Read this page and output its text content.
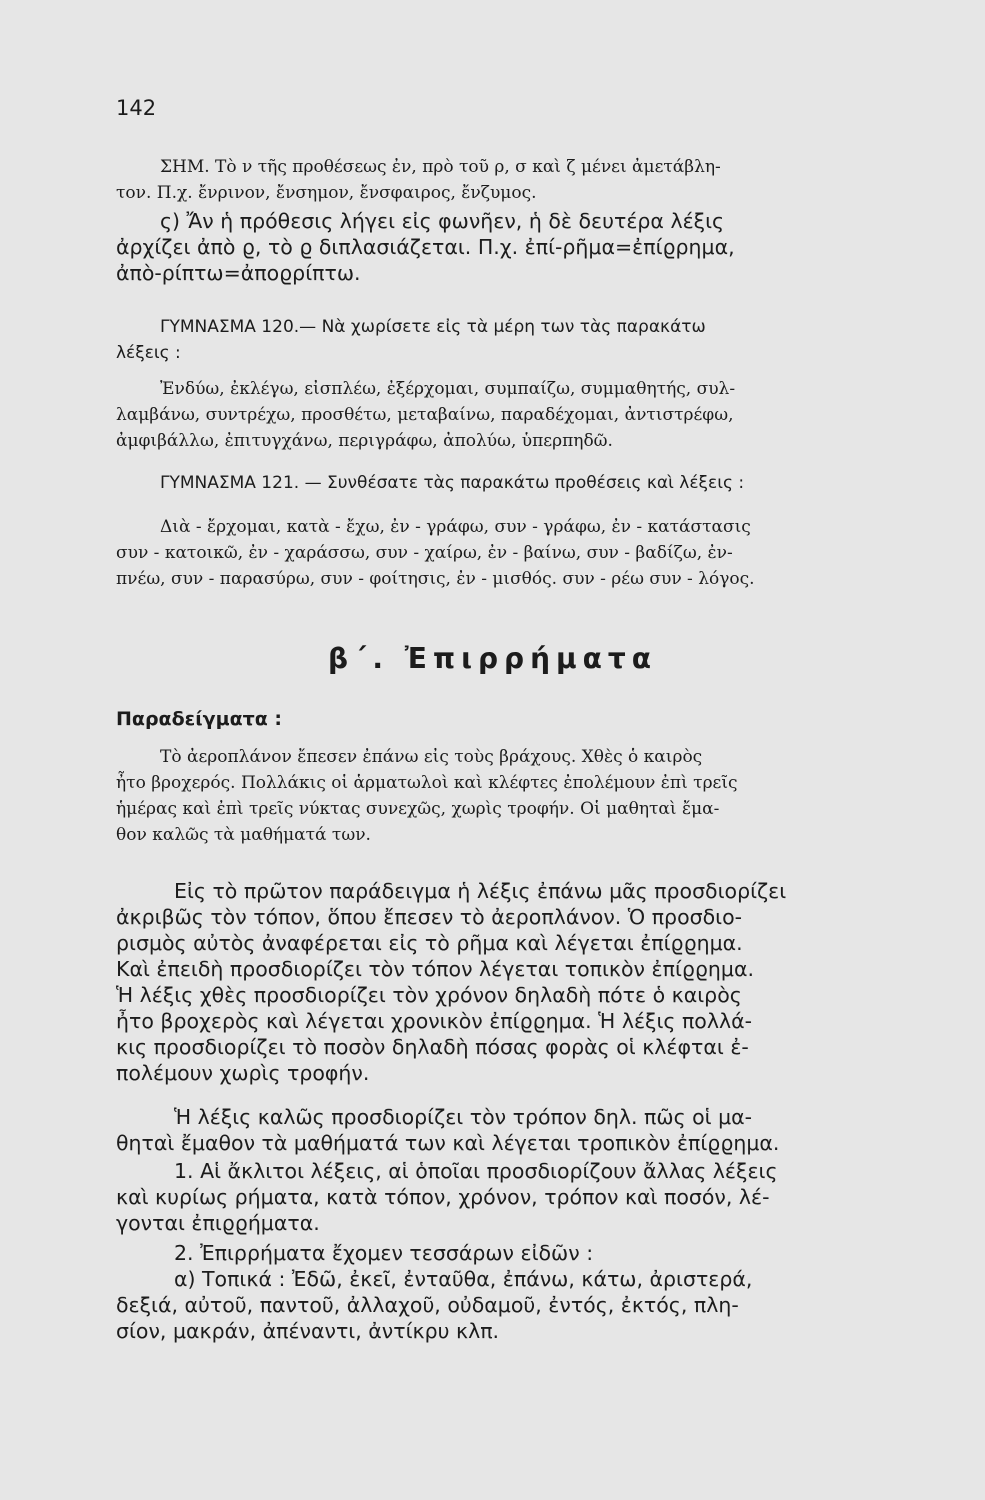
142
ΣΗΜ. Τὸ ν τῆς προθέσεως ἐν, πρὸ τοῦ ρ, σ καὶ ζ μένει ἀμετάβλη-
τον. Π.χ. ἔνρινον, ἔνσημον, ἔνσφαιρος, ἔνζυμος.
ς) Ἄν ἡ πρόθεσις λήγει εἰς φωνῆεν, ἡ δὲ δευτέρα λέξις
ἀρχίζει ἀπὸ ϱ, τὸ ϱ διπλασιάζεται. Π.χ. ἐπί-ρῆμα=ἐπίϱρημα,
ἀπὸ-ρίπτω=ἀποϱρίπτω.
ΓΥΜΝΑΣΜΑ 120.— Νὰ χωρίσετε εἰς τὰ μέρη των τὰς παρακάτω
λέξεις :
Ἐνδύω, ἐκλέγω, εἰσπλέω, ἐξέρχομαι, συμπαίζω, συμμαθητής, συλ-
λαμβάνω, συντρέχω, προσθέτω, μεταβαίνω, παραδέχομαι, ἀντιστρέφω,
ἀμφιβάλλω, ἐπιτυγχάνω, περιγράφω, ἀπολύω, ὑπερπηδῶ.
ΓΥΜΝΑΣΜΑ 121. — Συνθέσατε τὰς παρακάτω προθέσεις καὶ λέξεις :
Διὰ - ἔρχομαι, κατὰ - ἔχω, ἐν - γράφω, συν - γράφω, ἐν - κατάστασις
συν - κατοικῶ, ἐν - χαράσσω, συν - χαίρω, ἐν - βαίνω, συν - βαδίζω, ἐν-
πνέω, συν - παρασύρω, συν - φοίτησις, ἐν - μισθός. συν - ρέω συν - λόγος.
β΄. Ἐπιρρήματα
Παραδείγματα :
Τὸ ἀεροπλάνον ἔπεσεν ἐπάνω εἰς τοὺς βράχους. Χθὲς ὁ καιρὸς
ἦτο βροχερός. Πολλάκις οἱ ἁρματωλοὶ καὶ κλέφτες ἐπολέμουν ἐπὶ τρεῖς
ἡμέρας καὶ ἐπὶ τρεῖς νύκτας συνεχῶς, χωρὶς τροφήν. Οἱ μαθηταὶ ἔμα-
θον καλῶς τὰ μαθήματά των.
Εἰς τὸ πρῶτον παράδειγμα ἡ λέξις ἐπάνω μᾶς προσδιορίζει
ἀκριβῶς τὸν τόπον, ὅπου ἔπεσεν τὸ ἀεροπλάνον. Ὁ προσδιο-
ρισμὸς αὐτὸς ἀναφέρεται εἰς τὸ ρῆμα καὶ λέγεται ἐπίϱϱημα.
Καὶ ἐπειδὴ προσδιορίζει τὸν τόπον λέγεται τοπικὸν ἐπίϱϱημα.
Ἡ λέξις χθὲς προσδιορίζει τὸν χρόνον δηλαδὴ πότε ὁ καιρὸς
ἦτο βροχερὸς καὶ λέγεται χρονικὸν ἐπίϱϱημα. Ἡ λέξις πολλά-
κις προσδιορίζει τὸ ποσὸν δηλαδὴ πόσας φορὰς οἱ κλέφται ἐ-
πολέμουν χωρὶς τροφήν.
Ἡ λέξις καλῶς προσδιορίζει τὸν τρόπον δηλ. πῶς οἱ μα-
θηταὶ ἔμαθον τὰ μαθήματά των καὶ λέγεται τροπικὸν ἐπίϱϱημα.
1. Αἱ ἄκλιτοι λέξεις, αἱ ὁποῖαι προσδιορίζουν ἄλλας λέξεις
καὶ κυρίως ρήματα, κατὰ τόπον, χρόνον, τρόπον καὶ ποσόν, λέ-
γονται ἐπιϱϱήματα.
2. Ἐπιρρήματα ἔχομεν τεσσάρων εἰδῶν :
α) Τοπικά : Ἐδῶ, ἐκεῖ, ἐνταῦθα, ἐπάνω, κάτω, ἀριστερά,
δεξιά, αὐτοῦ, παντοῦ, ἀλλαχοῦ, οὐδαμοῦ, ἐντός, ἐκτός, πλη-
σίον, μακράν, ἀπέναντι, ἀντίκρυ κλπ.
